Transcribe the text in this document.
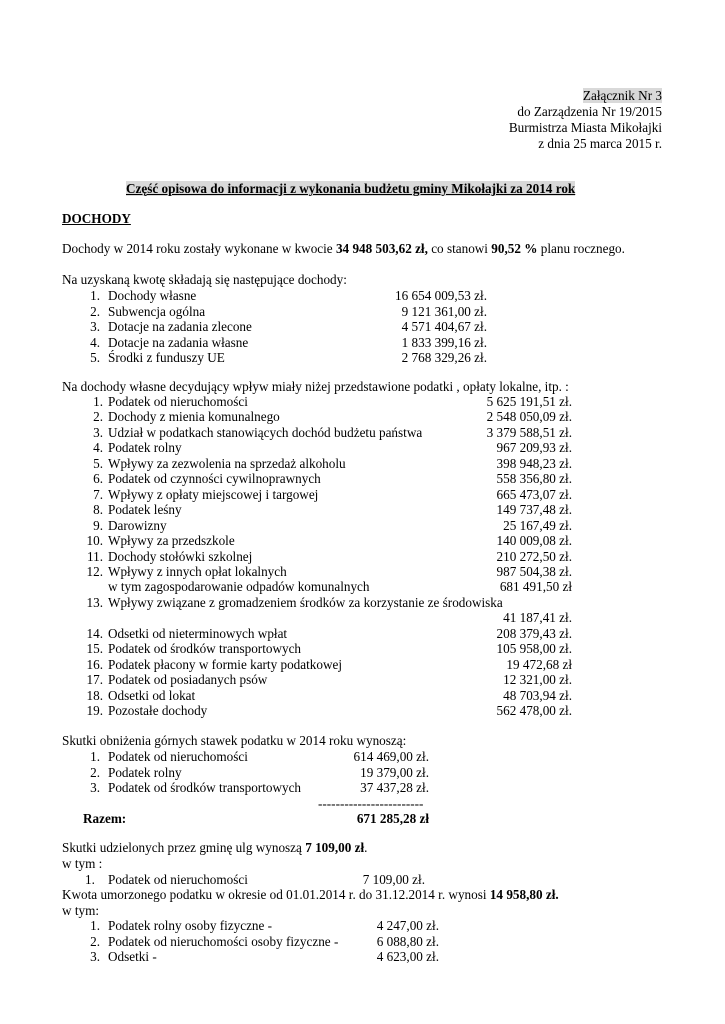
Załącznik Nr 3
do Zarządzenia Nr 19/2015
Burmistrza Miasta Mikołajki
z dnia 25 marca 2015 r.
Część opisowa do informacji z wykonania budżetu gminy Mikołajki za 2014 rok
DOCHODY
Dochody w 2014 roku zostały wykonane w kwocie 34 948 503,62 zł, co stanowi 90,52 % planu rocznego.
Na uzyskaną kwotę składają się następujące dochody:
1. Dochody własne	16 654 009,53 zł.
2. Subwencja ogólna	9 121 361,00 zł.
3. Dotacje na zadania zlecone	4 571 404,67 zł.
4. Dotacje na zadania własne	1 833 399,16 zł.
5. Środki z funduszy UE	2 768 329,26 zł.
Na dochody własne decydujący wpływ miały niżej przedstawione podatki , opłaty lokalne, itp. :
1. Podatek od nieruchomości	5 625 191,51 zł.
2. Dochody z mienia komunalnego	2 548 050,09 zł.
3. Udział w podatkach stanowiących dochód budżetu państwa	3 379 588,51 zł.
4. Podatek rolny	967 209,93 zł.
5. Wpływy za zezwolenia na sprzedaż alkoholu	398 948,23 zł.
6. Podatek od czynności cywilnoprawnych	558 356,80 zł.
7. Wpływy z opłaty miejscowej i targowej	665 473,07 zł.
8. Podatek leśny	149 737,48 zł.
9. Darowizny	25 167,49 zł.
10. Wpływy za przedszkole	140 009,08 zł.
11. Dochody stołówki szkolnej	210 272,50 zł.
12. Wpływy z innych opłat lokalnych	987 504,38 zł.
w tym zagospodarowanie odpadów komunalnych	681 491,50 zł
13. Wpływy związane z gromadzeniem środków za korzystanie ze środowiska
41 187,41 zł.
14. Odsetki od nieterminowych wpłat	208 379,43 zł.
15. Podatek od środków transportowych	105 958,00 zł.
16. Podatek płacony w formie karty podatkowej	19 472,68 zł
17. Podatek od posiadanych psów	12 321,00 zł.
18. Odsetki od lokat	48 703,94 zł.
19. Pozostałe dochody	562 478,00 zł.
Skutki obniżenia górnych stawek podatku w 2014 roku wynoszą:
1. Podatek od nieruchomości	614 469,00 zł.
2. Podatek rolny	19 379,00 zł.
3. Podatek od środków transportowych	37 437,28 zł.
------------------------
Razem:	671 285,28 zł
Skutki udzielonych przez gminę ulg wynoszą 7 109,00 zł.
w tym :
1. Podatek od nieruchomości	7 109,00 zł.
Kwota umorzonego podatku w okresie od 01.01.2014 r. do 31.12.2014 r. wynosi 14 958,80 zł.
w tym:
1. Podatek rolny osoby fizyczne -	4 247,00 zł.
2. Podatek od nieruchomości osoby fizyczne -	6 088,80 zł.
3. Odsetki -	4 623,00 zł.
